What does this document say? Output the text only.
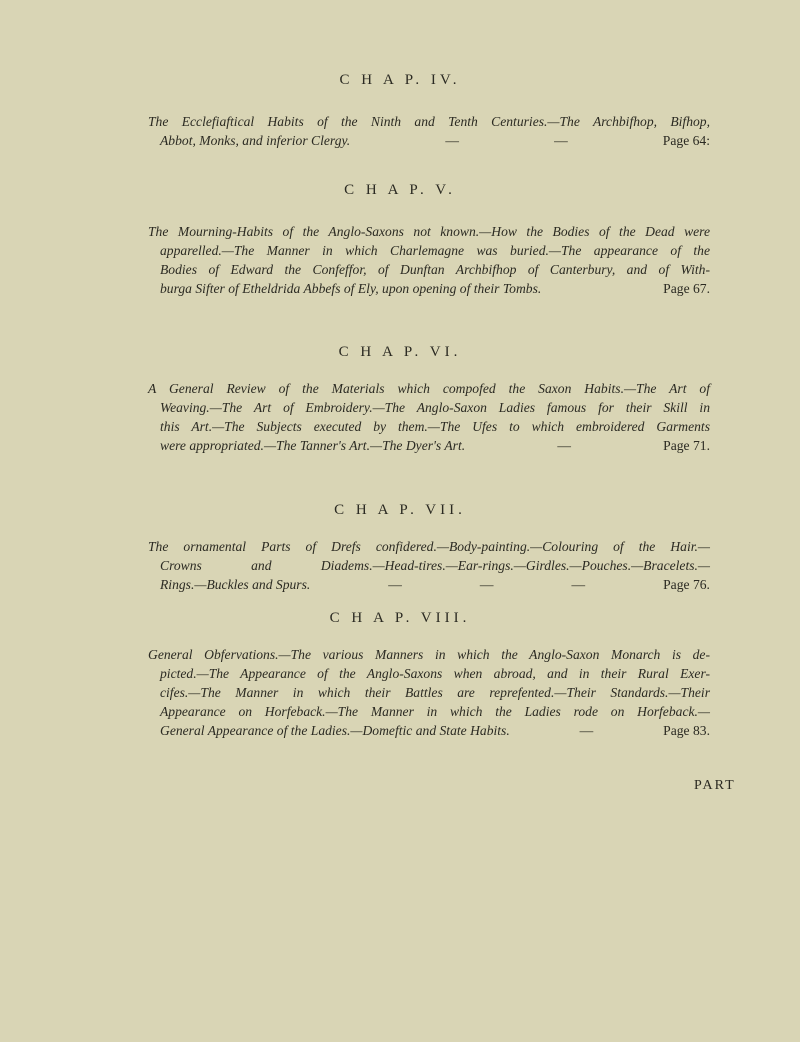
C H A P. IV.
The Ecclefiaftical Habits of the Ninth and Tenth Centuries.—The Archbifhop, Bifhop,
Abbot, Monks, and inferior Clergy.	—	—	Page 64:
C H A P. V.
The Mourning-Habits of the Anglo-Saxons not known.—How the Bodies of the Dead were
apparelled.—The Manner in which Charlemagne was buried.—The appearance of the
Bodies of Edward the Confeffor, of Dunftan Archbifhop of Canterbury, and of With-
burga Sifter of Etheldrida Abbefs of Ely, upon opening of their Tombs.	Page 67.
C H A P. VI.
A General Review of the Materials which compofed the Saxon Habits.—The Art of
Weaving.—The Art of Embroidery.—The Anglo-Saxon Ladies famous for their Skill in
this Art.—The Subjects executed by them.—The Ufes to which embroidered Garments
were appropriated.—The Tanner's Art.—The Dyer's Art.	—	Page 71.
C H A P. VII.
The ornamental Parts of Drefs confidered.—Body-painting.—Colouring of the Hair.—
Crowns and Diadems.—Head-tires.—Ear-rings.—Girdles.—Pouches.—Bracelets.—
Rings.—Buckles and Spurs.	—	—	—	Page 76.
C H A P. VIII.
General Obfervations.—The various Manners in which the Anglo-Saxon Monarch is de-
picted.—The Appearance of the Anglo-Saxons when abroad, and in their Rural Exer-
cifes.—The Manner in which their Battles are reprefented.—Their Standards.—Their
Appearance on Horfeback.—The Manner in which the Ladies rode on Horfeback.—
General Appearance of the Ladies.—Domeftic and State Habits.	—	Page 83.
PART
